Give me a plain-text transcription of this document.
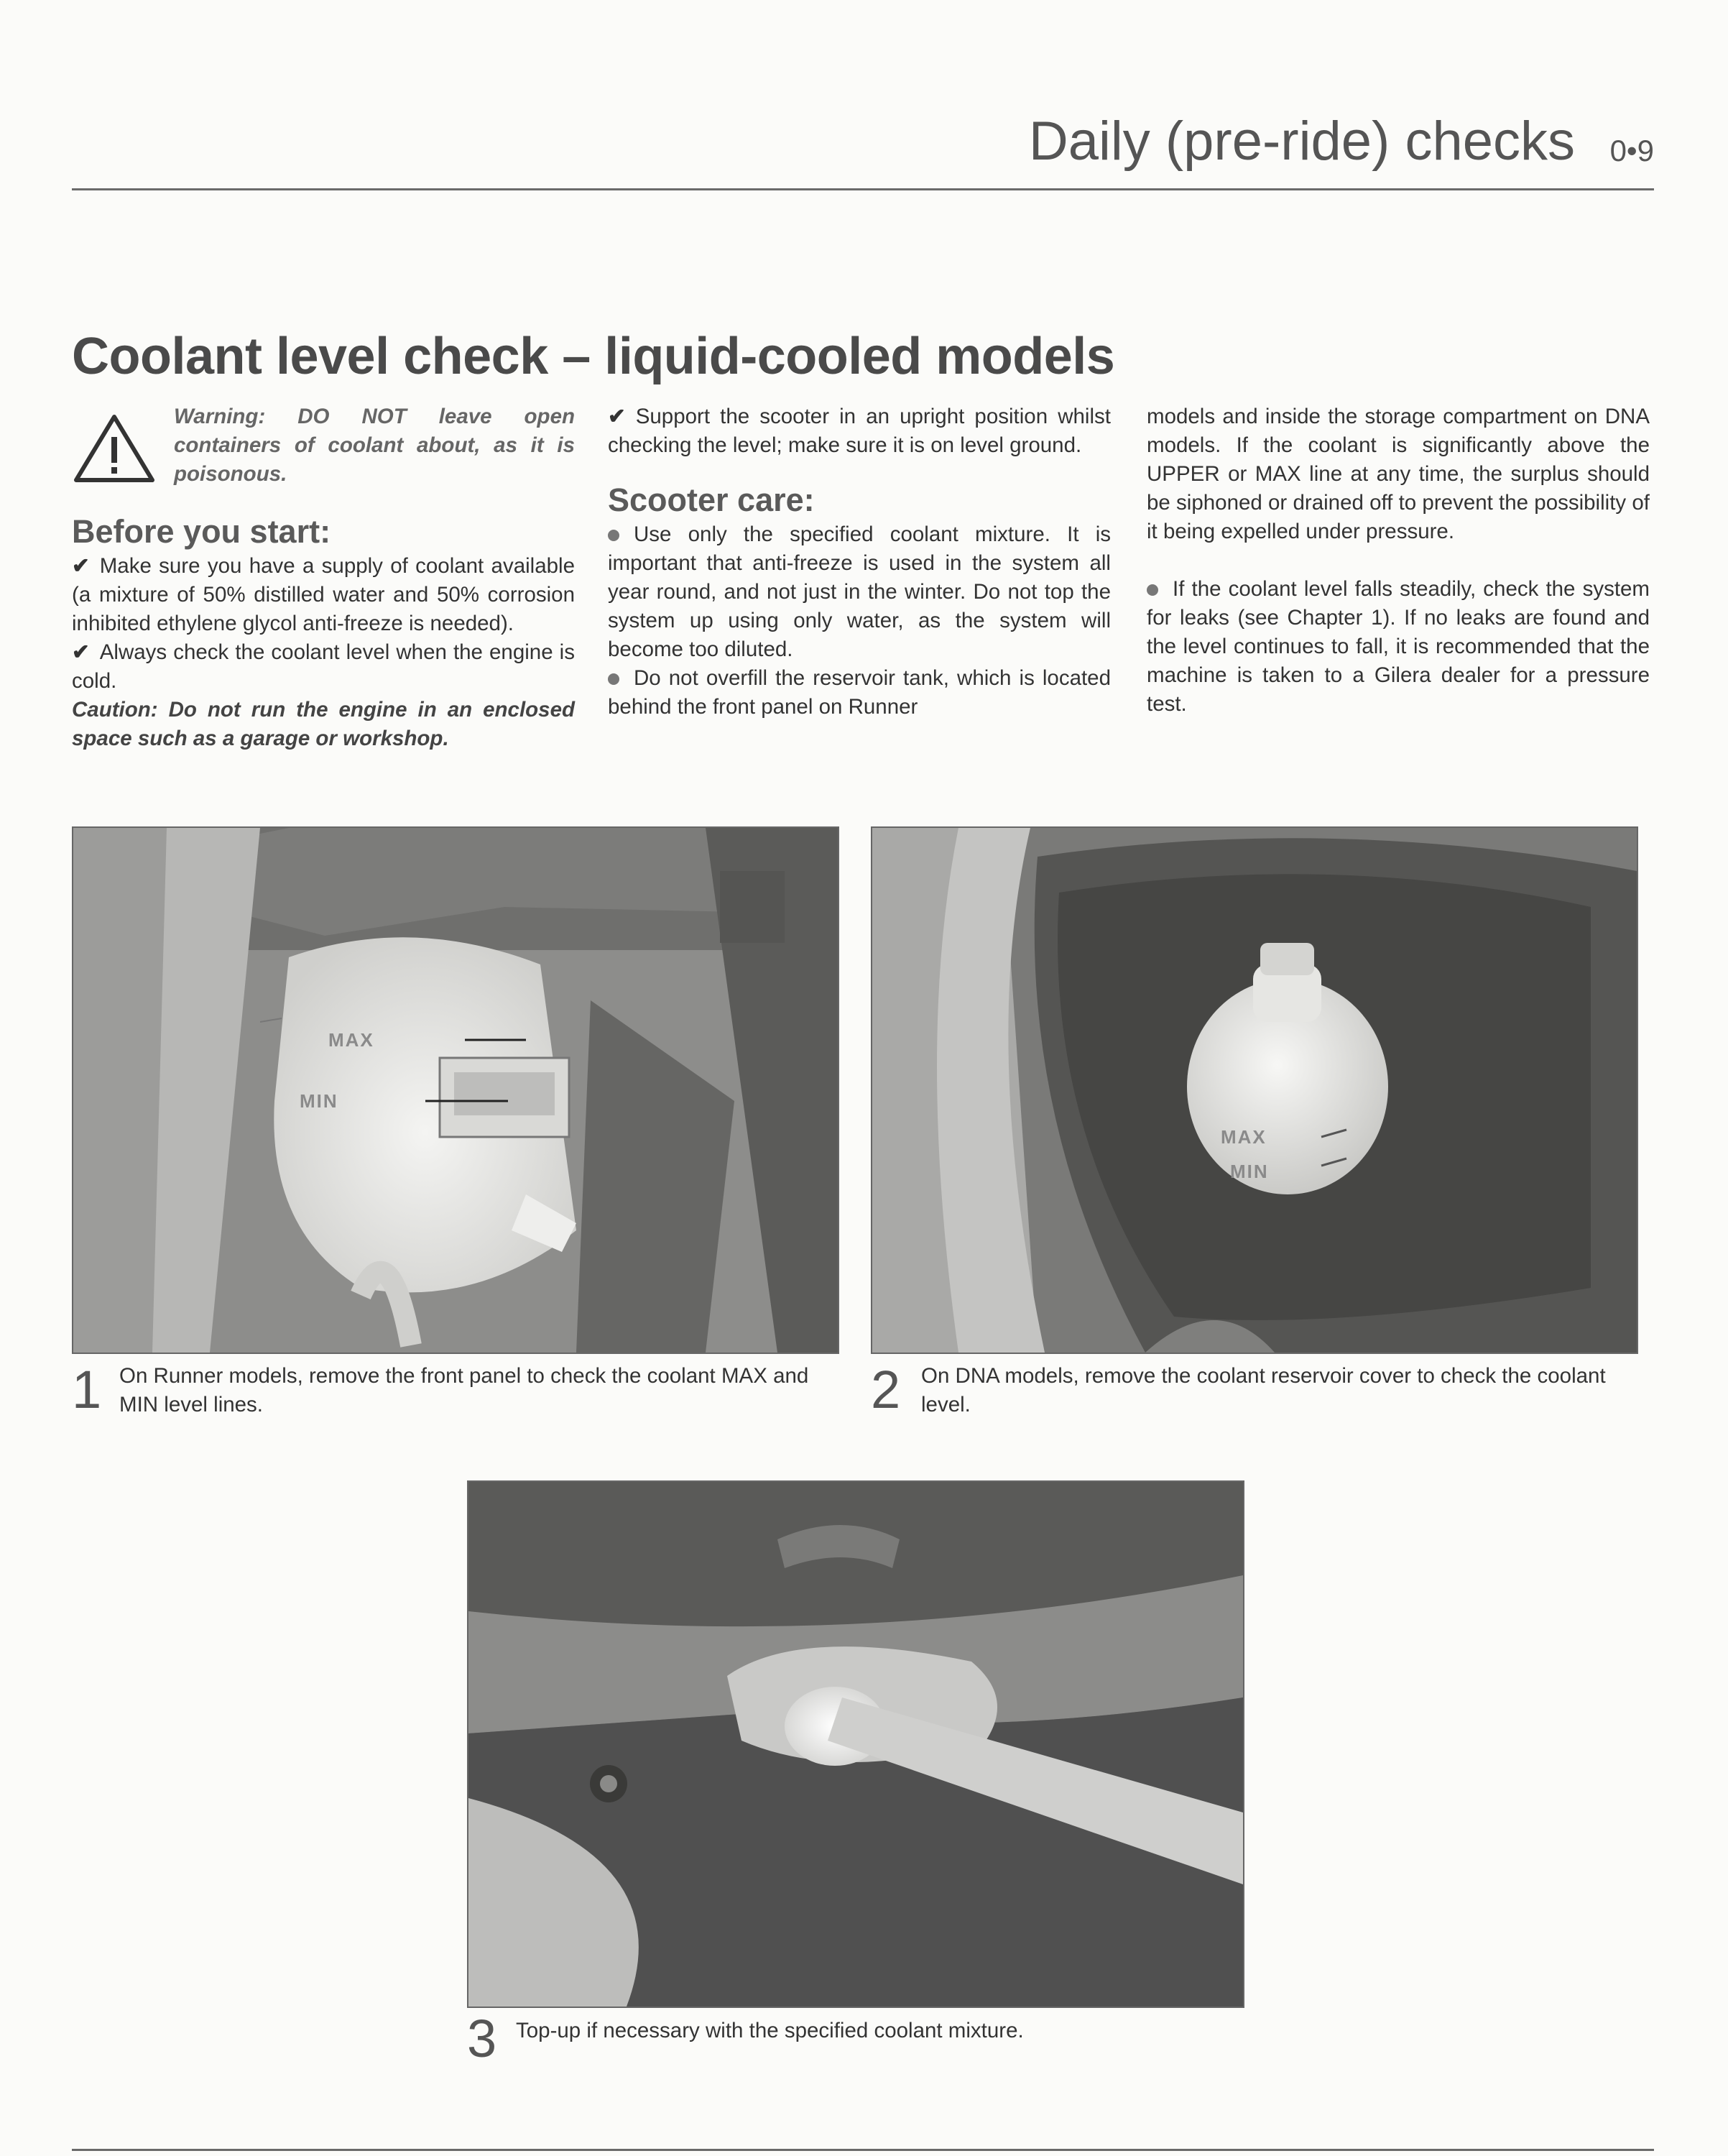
Daily (pre-ride) checks 0•9
Coolant level check – liquid-cooled models

Warning: DO NOT leave open containers of coolant about, as it is poisonous.

Before you start:

✔ Make sure you have a supply of coolant available (a mixture of 50% distilled water and 50% corrosion inhibited ethylene glycol anti-freeze is needed).

✔ Always check the coolant level when the engine is cold.

Caution: Do not run the engine in an enclosed space such as a garage or workshop.

✔ Support the scooter in an upright position whilst checking the level; make sure it is on level ground.

Scooter care:

Use only the specified coolant mixture. It is important that anti-freeze is used in the system all year round, and not just in the winter. Do not top the system up using only water, as the system will become too diluted.

Do not overfill the reservoir tank, which is located behind the front panel on Runner

models and inside the storage compartment on DNA models. If the coolant is significantly above the UPPER or MAX line at any time, the surplus should be siphoned or drained off to prevent the possibility of it being expelled under pressure.

If the coolant level falls steadily, check the system for leaks (see Chapter 1). If no leaks are found and the level continues to fall, it is recommended that the machine is taken to a Gilera dealer for a pressure test.

MAX
MIN
1 On Runner models, remove the front panel to check the coolant MAX and MIN level lines.
MAX
MIN
2 On DNA models, remove the coolant reservoir cover to check the coolant level.
3 Top-up if necessary with the specified coolant mixture.
